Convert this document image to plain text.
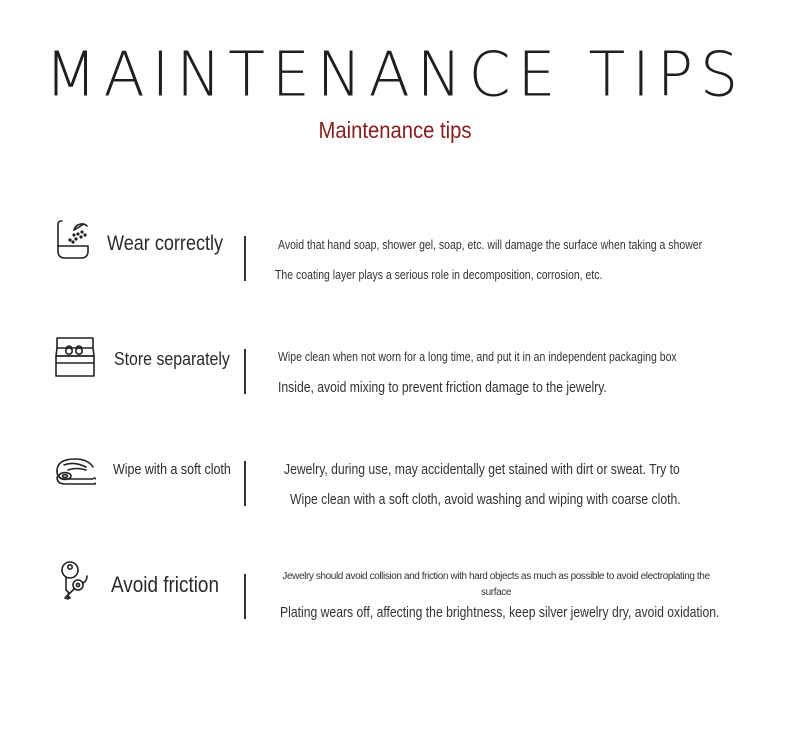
MAINTENANCE TIPS
Maintenance tips
Wear correctly	Avoid that hand soap, shower gel, soap, etc. will damage the surface when taking a shower
The coating layer plays a serious role in decomposition, corrosion, etc.
Store separately	Wipe clean when not worn for a long time, and put it in an independent packaging box
Inside, avoid mixing to prevent friction damage to the jewelry.
Wipe with a soft cloth	Jewelry, during use, may accidentally get stained with dirt or sweat. Try to
Wipe clean with a soft cloth, avoid washing and wiping with coarse cloth.
Avoid friction	Jewelry should avoid collision and friction with hard objects as much as possible to avoid electroplating the surface
Plating wears off, affecting the brightness, keep silver jewelry dry, avoid oxidation.
